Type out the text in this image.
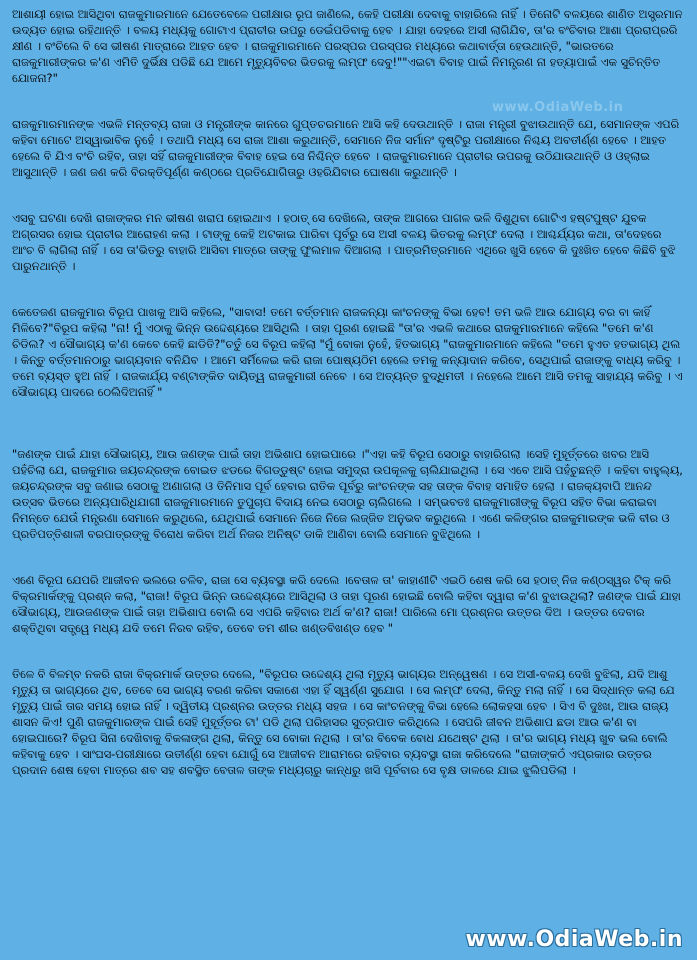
ଆଶାୟୀ ହୋଇ ଆସିଥିବା ରାଜକୁମାରମାନେ ଯେତେବେଳେ ପରୀକ୍ଷାର ରୂପ ଜାଣିଲେ, କେହି ପରୀକ୍ଷା ଦେବାକୁ ବାହାରିଲେ ନାହିଁ । ତିନୋଟି ବଳୟରେ ଶାଣିତ ଅସ୍ତ୍ରମାନ ଉଦ୍ୟତ ହୋଇ ରହିଥାନ୍ତି । ବଳୟ ମଧ୍ୟକୁ ଗୋଟାଏ ପ୍ରାଚୀର ଉପରୁ ଡେଇଁପଡିବାକୁ ହେବ । ଯାହା ଦେହରେ ଅସୀ ଲାଗିଯିବ, ତା'ର ବଂଚିବାର ଆଶା ପ୍ରରାପ୍ରରି କ୍ଷୀଣ । ବଂଚିଲେ ବି ସେ ଭୀଷଣ ମାତ୍ରାରେ ଆହତ ହେବ । ରାଜକୁମାରମାନେ ପରସ୍ପର ପରସ୍ପର ମଧ୍ୟରେ କଥାବାର୍ତ୍ତା ହେଉଥାନ୍ତି, "ଭାରତରେ ରାଜକୁମାରୀଙ୍କର କ'ଣ ଏମିତି ଦୁର୍ଭିକ୍ଷ ପଡିଛି ଯେ ଆମେ ମୃତ୍ୟୁବିବର ଭିତରକୁ ଲମ୍ଫ ଦେବୁ!""ଏଇଟା ବିବାହ ପାଇଁ ନିମନ୍ତ୍ରଣ ନା ହତ୍ୟାପାଇଁ ଏକ ସୁଚିନ୍ତିତ ଯୋଜନା?"

ରାଜକୁମାରମାନଙ୍କ ଏଭଳି ମନ୍ତବ୍ୟ ରାଜା ଓ ମନ୍ତ୍ରୀଙ୍କ କାନରେ ଗୁପ୍ତଚରମାନେ ଆସି କହି ଦେଉଥାନ୍ତି । ରାଜା ମନ୍ତ୍ରୀ ବୁଝାଉଥାନ୍ତି ଯେ, ସେମାନଙ୍କ ଏପରି କହିବା ମୋଟେ ଅସ୍ୱାଭାବିକ ନୁହେଁ । ତଥାପି ମଧ୍ୟ ସେ ରାଜା ଆଶା କରୁଥାନ୍ତି, ସେମାନେ ନିଜ ସର୍ମାନଂ ଦୃଷ୍ଟିରୁ ପରୀକ୍ଷାରେ ନିଶ୍ଚୟ ଅବତୀର୍ଣ୍ଣ ହେବେ । ଆହତ ହେଲେ ବି ଯିଏ ବଂଚି ରହିବ, ତାହା ସହିଁ ରାଜକୁମାରୀଙ୍କ ବିବାହ ହେଇ ସେ ନିଶ୍ଚିନ୍ତ ହେବେ । ରାଜକୁମାରମାନେ ପ୍ରାଚୀର ଉପରକୁ ଉଠିଯାଉଥାନ୍ତି ଓ ଓହ୍ଲାଇ ଆସୁଥାନ୍ତି । ଜଣ ଜଣ କରି ବିରକ୍ତିପୂର୍ଣ୍ଣ କଣ୍ଠରେ ପ୍ରତିଯୋଗିତାରୁ ଓହରିଯିବାର ଘୋଷଣା କରୁଥାନ୍ତି ।

ଏସବୁ ଘଟଣା ଦେଖି ରାଜାଙ୍କର ମନ ଭୀଷଣ ଖରାପ ହୋଇଥାଏ । ହଠାତ୍ ସେ ଦେଖିଲେ, ତାଙ୍କ ଆଗରେ ପାଗଳ ଭଳି ଦିଶୁଥିବା ଗୋଟିଏ ହଷ୍ଟପୁଷ୍ଟ ଯୁବକ ଅଗ୍ରସର ହୋଇ ପ୍ରାଚୀର ଆରୋହଣ କଲା । ଟାଙ୍କୁ କେହି ଅଟକାଇ ପାରିବା ପୂର୍ବରୁ ସେ ଅସୀ ବଳୟ ଭିତରକୁ ଲମ୍ଫ ଦେଲା । ଆଶ୍ଚର୍ଯ୍ୟର କଥା, ତା'ଦେହରେ ଆଂଚ ବି ଲାଗିଲା ନାହିଁ । ସେ ତା'ଭିତରୁ ବାହାରି ଆସିବା ମାତ୍ରେ ତାଙ୍କୁ ଫୁଲମାଳ ଦିଆଗଲା । ପାତ୍ରମିତ୍ରମାନେ ଏଥିରେ ଖୁସି ହେବେ କି ଦୁଃଖିତ ହେବେ କିଛିବି ବୁଝି ପାରୁନଥାନ୍ତି ।

କେତେଜଣ ରାଜକୁମାର ବିରୂପ ପାଖକୁ ଆସି କହିଲେ, "ସାବାସ! ତମେ ବର୍ତ୍ତମାନ ରାଜକନ୍ୟା କାଂଚନଙ୍କୁ ବିଭା ହେବ! ତମ ଭଳି ଆଉ ଯୋଗ୍ୟ ବର ବା କାହିଁ ମିଳିବେ?"ବିରୂପ କହିଲା "ନା! ମୁଁ ଏଠାକୁ ଭିନ୍ନ ଉଦ୍ଦେଶ୍ୟରେ ଆସିଥିଲି । ତାହା ପୂରଣ ହୋଇଛି "ତା'ର ଏଭଳି କଥାରେ ରାଜକୁମାରମାନେ କହିଲେ "ତମେ କ'ଣ ଚିଡିଲ? ଏ ସୌଭାଗ୍ୟ କ'ଣ କେବେ କେହି ଛାଡିତି?"ଚତୁଁ ସେ ବିରୂପ କହିଲା "ମୁଁ ବୋକା ନୁହେଁ, ହିତଭାଗ୍ୟ "ରାଜକୁମାରମାନେ କହିଲେ "ତମେ ହୁଏତ ହତଭାଗ୍ୟ ଥିଲ । କିନ୍ତୁ ବର୍ତ୍ତମାନଠାରୁ ଭାଗ୍ୟବାନ ବନିଯିବ । ଆମେ ସର୍ମିଳେଇ କରି ରାଜା ପୋଷ୍ୟଠିମ ହେଲେ ତମକୁ କନ୍ୟାଦାନ କରିବେ, ସେଥିପାଇଁ ରାଜାଙ୍କୁ ବାଧ୍ୟ କରିବୁ । ତମେ ବ୍ୟସ୍ତ ହୁଅ ନାହିଁ । ରାଜକାର୍ଯ୍ୟ ବଣ୍ଟାଙ୍କିତ ଦାୟିତ୍ୱ ରାଜକୁମାରୀ ନେବେ । ସେ ଅତ୍ୟନ୍ତ ବୁଦ୍ଧିମତୀ । ନହେଲେ ଆମେ ଆସି ତମକୁ ସାହାଯ୍ୟ କରିବୁ । ଏ ସୌଭାଗ୍ୟ ପାଦରେ ଠେଲିଦିଅନାହିଁ "

"ଜଣଙ୍କ ପାଇଁ ଯାହା ସୌଭାଗ୍ୟ, ଆଉ ଜଣଙ୍କ ପାଇଁ ତାହା ଅଭିଶାପ ହୋଇପାରେ ।"ଏହା କହି ବିରୂପ ସେଠାରୁ ବାହାରିଗଲା ।ସେହି ମୁହୂର୍ତ୍ତରେ ଖବର ଆସି ପହଁଚିଲା ଯେ, ରାଜକୁମାର ଜୟଚନ୍ଦ୍ରଙ୍କ ବୋଇତ ଝଡରେ ବିଗଡ୍ଡୁଷ୍ଟ ହୋଇ ସମୁଦ୍ରା ଉପକୂଳକୁ ଚାଲିଯାଇଥିଲା । ସେ ଏବେ ଆସି ପହଁଚୁଛନ୍ତି । କହିବା ବାହୁଲ୍ୟ, ଜୟଚନ୍ଦ୍ରଙ୍କ ସବୁ ଜଣାଇ ସେଠାକୁ ଅଣାଗଲା ଓ ତିନିମାସ ପୂର୍ବ ହେବାର ରାତିକ ପୂର୍ବରୁ କାଂଚନଙ୍କ ସହ ତାଙ୍କ ବିବାହ ସମାହିତ ହେଲା । ରାଜକ୍ୟବାପି ଆନନ୍ଦ ଉତ୍ସବ ଭିତରେ ଅନ୍ୟପାରିଧିଯାଗୀ ରାଜକୁମାରମାନେ ତୁପୁଚାପ ବିଦାୟ ନେଇ ସେଠାରୁ ଚାଲିଗଲେ । ସମ୍ଭବତଃ ରାଜକୁମାରୀଙ୍କୁ ବିରୂପ ସହିତ ବିଭା କରାଇବା ନିମନ୍ତେ ଯେଉଁ ମନ୍ତ୍ରଣା ସେମାନେ କରୁଥିଲେ, ଯେଥିପାଇଁ ସେମାନେ ନିଜେ ନିଜେ ଲଜ୍ଜିତ ଅନୁଭବ କରୁଥିଲେ । ଏଣେ କଳିଙ୍ଗର ରାଜକୁମାରଙ୍କ ଭଳି ବୀର ଓ ପ୍ରତିପତ୍ତିଶାଳୀ ବରପାତ୍ରଙ୍କୁ ବିରୋଧ କରିବା ଅର୍ଥ ନିଜର ଅନିଷ୍ଟ ଡାକି ଆଣିବା ବୋଲି ସେମାନେ ବୁଝିଥିଲେ ।

ଏଣେ ବିରୂପ ଯେପରି ଆଜୀବନ ଭଲରେ ଚଳିବ, ରାଜା ସେ ବ୍ୟବସ୍ଥା କରି ଦେଲେ ।ବେତାଳ ତା' କାହାଣୀଟି ଏଇଠି ଶେଷ କରି ସେ ହଠାତ୍ ନିଜ କଣ୍ଠସ୍ୱର ଟିକ୍ କରି ବିକ୍ରମାର୍କଙ୍କୁ ପ୍ରଶ୍ନ କଲା, "ରାଜା! ବିରୂପ ଭିନ୍ନ ଉଦ୍ଦେଶ୍ୟରେ ଆସିଥିଲା ଓ ତାହା ପୂରଣ ହୋଇଛି ବୋଲି କହିବା ଦ୍ୱାରା କ'ଣ ବୁଝାଉଥିଲା? ଜଣଙ୍କ ପାଇଁ ଯାହା ସୌଭାଗ୍ୟ, ଆଉଜଣଙ୍କ ପାଇଁ ତାହା ଅଭିଶାପ ବୋଲି ସେ ଏପରି କହିବାର ଅର୍ଥ କ'ଣ? ରାଜା! ପାରିଲେ ମୋ ପ୍ରଶ୍ନର ଉତ୍ତର ଦିଅ । ଉତ୍ତର ଦେବାର ଶକ୍ତିଥିବା ସତ୍ତ୍ୱେ ମଧ୍ୟ ଯଦି ତମେ ନିରବ ରହିବ, ତେବେ ତମ ଶୀର ଖଣ୍ଡବିଖଣ୍ଡ ହେବ "

ତିଳେ ବି ବିଳମ୍ବ ନକରି ରାଜା ବିକ୍ରମାର୍କ ଉତ୍ତର ଦେଲେ, "ବିରୂପର ଉଦ୍ଦେଶ୍ୟ ଥିଲା ମୃତ୍ୟୁ ଭାଗ୍ୟର ଅନ୍ୱେଷଣ । ସେ ଅସୀ-ବଳୟ ଦେଖି ବୁଝିଲା, ଯଦି ଆଶୁ ମୃତ୍ୟୁ ତା ଭାଗ୍ୟରେ ଥିବ, ତେବେ ସେ ଭାଗ୍ୟ ବରଣ କରିବା ସକାଶେ ଏହା ହିଁ ସ୍ୱର୍ଣ୍ଣ ସୁଯୋଗ । ସେ ଲମ୍ଫ ଦେଲା, କିନ୍ତୁ ମଲା ନାହିଁ । ସେ ସିଦ୍ଧାନ୍ତ କଲା ଯେ ମୃତ୍ୟୁ ପାଇଁ ତାର ସମୟ ହୋଇ ନାହିଁ । ଦ୍ୱିତୀୟ ପ୍ରଶ୍ନର ଉତ୍ତର ମଧ୍ୟ ସହଜ । ସେ କାଂଚନଙ୍କୁ ବିଭା ହେଲେ ଲୋକହସା ହେବ । ସିଏ ବି ଦୁଃଖ, ଆଉ ରାଜ୍ୟ ଶାସନ କିଏ! ପୁଣି ରାଜକୁମାରଙ୍କ ପାଇଁ ସେହି ମୁହୂର୍ତ୍ତର ଟା' ପଡି ଥିଲା ପରିହାସର ସୁତ୍ରପାତ କରିଥିଲେ । ସେପରି ଜୀବନ ଅଭିଶାପ ଛଡା ଆଉ କ'ଣ ବା ହୋଇପାରେ? ବିରୂପ ସିନା ଦେଖିବାକୁ ବିକଳାଙ୍ଗ ଥିଲା, କିନ୍ତୁ ସେ ବୋକା ନଥିଲା । ତା'ର ବିବେକ ବୋଧ ଯଥେଷ୍ଟ ଥିଲା । ତା'ର ଭାଗ୍ୟ ମଧ୍ୟ ଖୁବ ଭଲ ବୋଲି କହିବାକୁ ହେବ । ସାଂଘସ-ପରୀକ୍ଷାରେ ଉତୀର୍ଣ୍ଣ ହେବା ଯୋଗୁଁ ସେ ଆଜୀବନ ଆରାମରେ ରହିବାର ବ୍ୟବସ୍ଥା ରାଜା କରିଦେଲେ "ରାଜାଙ୍କଠଁ ଏପ୍ରକାର ଉତ୍ତର ପ୍ରଦାନ ଶେଷ ହେବା ମାତ୍ରେ ଶବ ସହ ଶବସ୍ଥିତ ବେତାଳ ତାଙ୍କ ମଧ୍ୟଚାରୁ କାନ୍ଧରୁ ଖସି ପୂର୍ବବାର ସେ ବୃକ୍ଷ ଡାଳରେ ଯାଇ ଝୁଲିପଡିଲା ।

www.OdiaWeb.in
www.OdiaWeb.in
